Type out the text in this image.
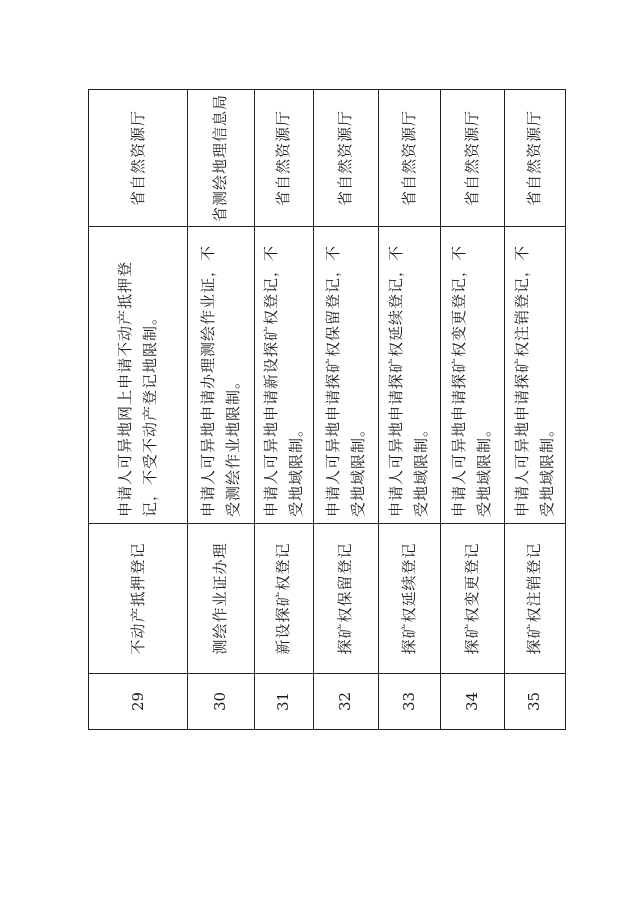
29	不动产抵押登记	申请人可异地网上申请不动产抵押登记，不受不动产登记地限制。	省自然资源厅
30	测绘作业证办理	申请人可异地申请办理测绘作业证，不受测绘作业地限制。	省测绘地理信息局
31	新设探矿权登记	申请人可异地申请新设探矿权登记，不受地域限制。	省自然资源厅
32	探矿权保留登记	申请人可异地申请探矿权保留登记，不受地域限制。	省自然资源厅
33	探矿权延续登记	申请人可异地申请探矿权延续登记，不受地域限制。	省自然资源厅
34	探矿权变更登记	申请人可异地申请探矿权变更登记，不受地域限制。	省自然资源厅
35	探矿权注销登记	申请人可异地申请探矿权注销登记，不受地域限制。	省自然资源厅
